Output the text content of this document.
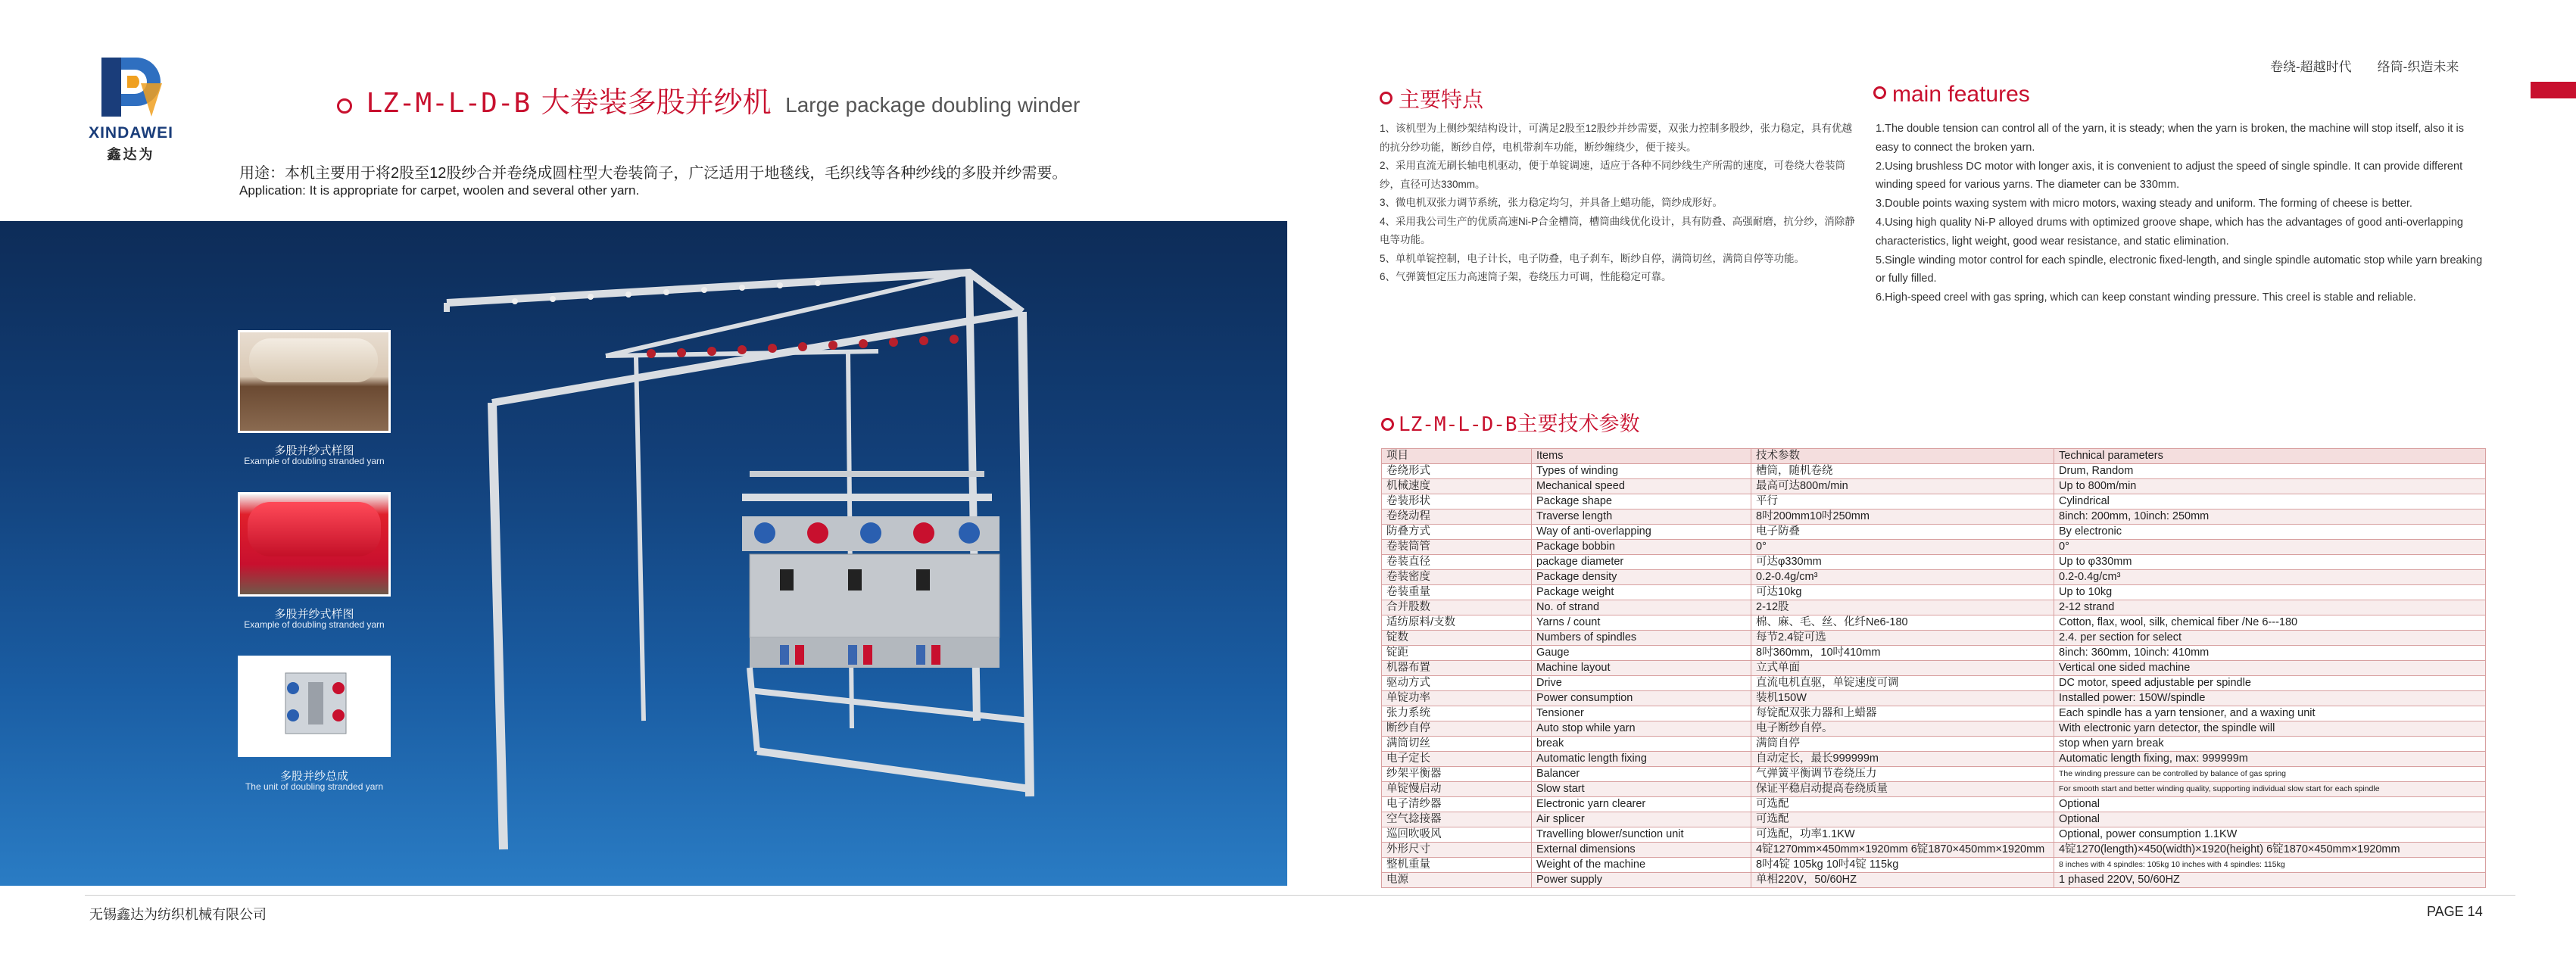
XINDAWEI
鑫达为
LZ-M-L-D-B 大卷装多股并纱机 Large package doubling winder
用途：本机主要用于将2股至12股纱合并卷绕成圆柱型大卷装筒子，广泛适用于地毯线，毛织线等各种纱线的多股并纱需要。
Application: It is appropriate for carpet, woolen and several other yarn.
多股并纱式样图
Example of doubling stranded yarn
多股并纱式样图
Example of doubling stranded yarn
多股并纱总成
The unit of doubling stranded yarn
卷绕-超越时代 络筒-织造未来
主要特点

1、该机型为上侧纱架结构设计，可满足2股至12股纱并纱需要，双张力控制多股纱，张力稳定，具有优越的抗分纱功能，断纱自停，电机带刹车功能，断纱缠绕少，便于接头。

2、采用直流无刷长轴电机驱动，便于单锭调速，适应于各种不同纱线生产所需的速度，可卷绕大卷装筒纱，直径可达330mm。

3、微电机双张力调节系统，张力稳定均匀，并具备上蜡功能，筒纱成形好。

4、采用我公司生产的优质高速Ni-P合金槽筒，槽筒曲线优化设计，具有防叠、高强耐磨，抗分纱，消除静电等功能。

5、单机单锭控制，电子计长，电子防叠，电子刹车，断纱自停，满筒切丝，满筒自停等功能。

6、气弹簧恒定压力高速筒子架，卷绕压力可调，性能稳定可靠。

main features

1.The double tension can control all of the yarn, it is steady; when the yarn is broken, the machine will stop itself, also it is easy to connect the broken yarn.

2.Using brushless DC motor with longer axis, it is convenient to adjust the speed of single spindle. It can provide different winding speed for various yarns. The diameter can be 330mm.

3.Double points waxing system with micro motors, waxing steady and uniform. The forming of cheese is better.

4.Using high quality Ni-P alloyed drums with optimized groove shape, which has the advantages of good anti-overlapping characteristics, light weight, good wear resistance, and static elimination.

5.Single winding motor control for each spindle, electronic fixed-length, and single spindle automatic stop while yarn breaking or fully filled.

6.High-speed creel with gas spring, which can keep constant winding pressure. This creel is stable and reliable.

LZ-M-L-D-B主要技术参数
项目	Items	技术参数	Technical parameters
卷绕形式	Types of winding	槽筒，随机卷绕	Drum, Random
机械速度	Mechanical speed	最高可达800m/min	Up to 800m/min
卷装形状	Package shape	平行	Cylindrical
卷绕动程	Traverse length	8吋200mm10吋250mm	8inch: 200mm, 10inch: 250mm
防叠方式	Way of anti-overlapping	电子防叠	By electronic
卷装筒管	Package bobbin	0°	0°
卷装直径	package diameter	可达φ330mm	Up to φ330mm
卷装密度	Package density	0.2-0.4g/cm³	0.2-0.4g/cm³
卷装重量	Package weight	可达10kg	Up to 10kg
合并股数	No. of strand	2-12股	2-12 strand
适纺原料/支数	Yarns / count	棉、麻、毛、丝、化纤Ne6-180	Cotton, flax, wool, silk, chemical fiber /Ne 6---180
锭数	Numbers of spindles	每节2.4锭可选	2.4. per section for select
锭距	Gauge	8吋360mm，10吋410mm	8inch: 360mm, 10inch: 410mm
机器布置	Machine layout	立式单面	Vertical one sided machine
驱动方式	Drive	直流电机直驱，单锭速度可调	DC motor, speed adjustable per spindle
单锭功率	Power consumption	装机150W	Installed power: 150W/spindle
张力系统	Tensioner	每锭配双张力器和上蜡器	Each spindle has a yarn tensioner, and a waxing unit
断纱自停	Auto stop while yarn	电子断纱自停。	With electronic yarn detector, the spindle will
满筒切丝	break	满筒自停	stop when yarn break
电子定长	Automatic length fixing	自动定长，最长999999m	Automatic length fixing, max: 999999m
纱架平衡器	Balancer	气弹簧平衡调节卷绕压力	The winding pressure can be controlled by balance of gas spring
单锭慢启动	Slow start	保证平稳启动提高卷绕质量	For smooth start and better winding quality, supporting individual slow start for each spindle
电子清纱器	Electronic yarn clearer	可选配	Optional
空气捻接器	Air splicer	可选配	Optional
巡回吹吸风	Travelling blower/sunction unit	可选配，功率1.1KW	Optional, power consumption 1.1KW
外形尺寸	External dimensions	4锭1270mm×450mm×1920mm 6锭1870×450mm×1920mm	4锭1270(length)×450(width)×1920(height) 6锭1870×450mm×1920mm
整机重量	Weight of the machine	8吋4锭 105kg 10吋4锭 115kg	8 inches with 4 spindles: 105kg 10 inches with 4 spindles: 115kg
电源	Power supply	单相220V，50/60HZ	1 phased 220V, 50/60HZ
无锡鑫达为纺织机械有限公司	PAGE 14
